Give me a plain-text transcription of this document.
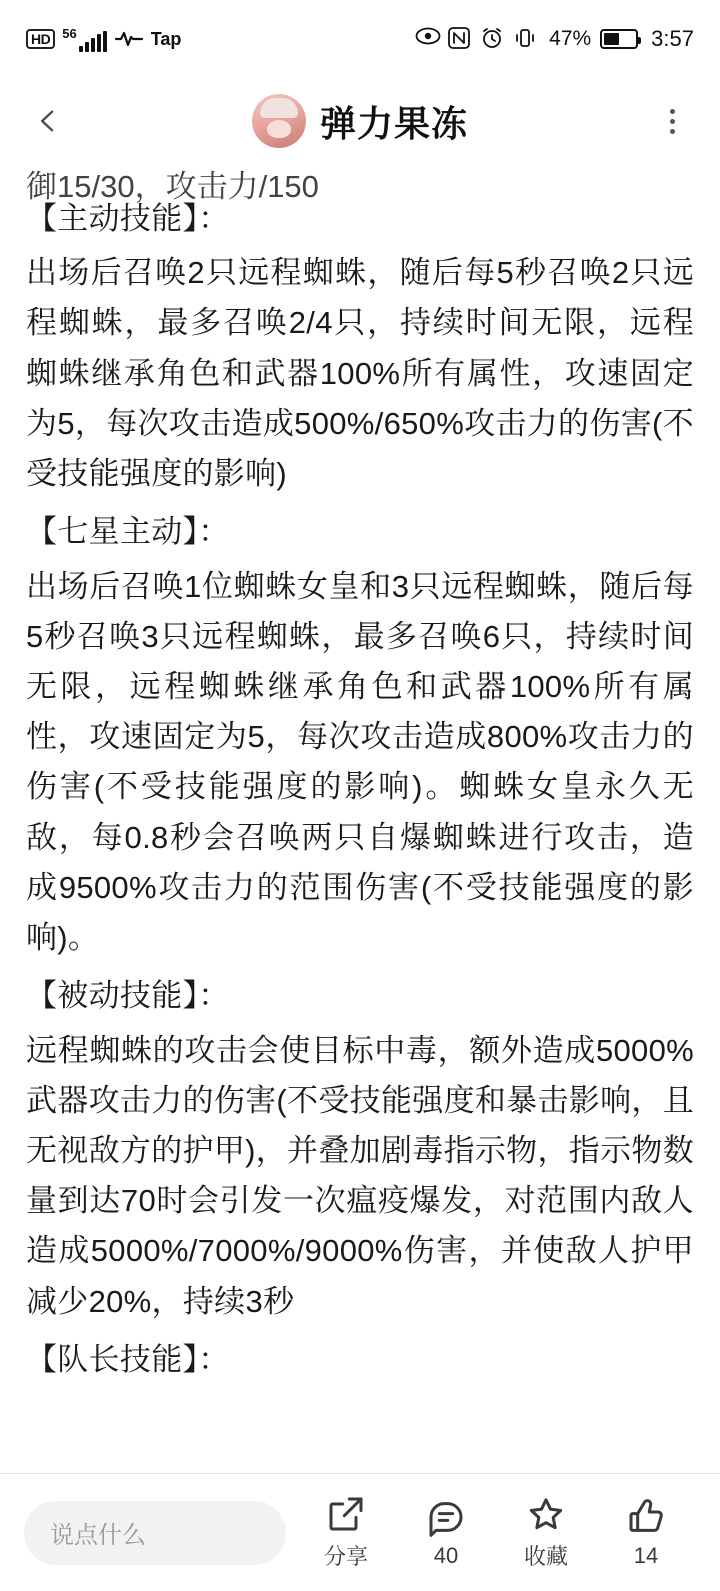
HD 56	Tap	47%	3:57
弹力果冻
御15/30，攻击力/150

【主动技能】：

出场后召唤2只远程蜘蛛，随后每5秒召唤2只远程蜘蛛，最多召唤2/4只，持续时间无限，远程蜘蛛继承角色和武器100%所有属性，攻速固定为5，每次攻击造成500%/650%攻击力的伤害(不受技能强度的影响)

【七星主动】：

出场后召唤1位蜘蛛女皇和3只远程蜘蛛，随后每5秒召唤3只远程蜘蛛，最多召唤6只，持续时间无限，远程蜘蛛继承角色和武器100%所有属性，攻速固定为5，每次攻击造成800%攻击力的伤害(不受技能强度的影响)。蜘蛛女皇永久无敌，每0.8秒会召唤两只自爆蜘蛛进行攻击，造成9500%攻击力的范围伤害(不受技能强度的影响)。

【被动技能】：

远程蜘蛛的攻击会使目标中毒，额外造成5000%武器攻击力的伤害(不受技能强度和暴击影响，且无视敌方的护甲)，并叠加剧毒指示物，指示物数量到达70时会引发一次瘟疫爆发，对范围内敌人造成5000%/7000%/9000%伤害，并使敌人护甲减少20%，持续3秒

【队长技能】：

说点什么
分享	40	收藏	14
